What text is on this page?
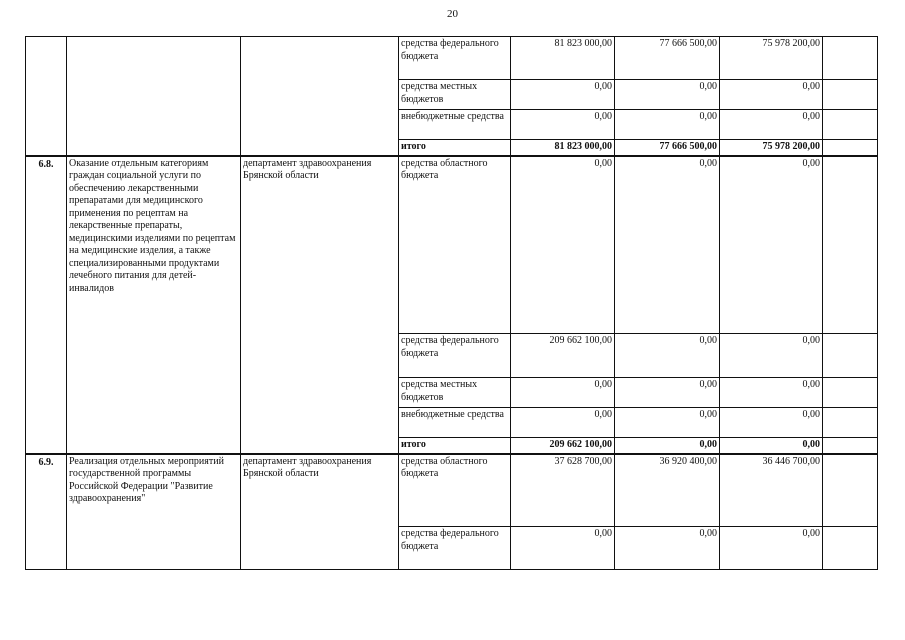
20
			средства федерального бюджета	81 823 000,00	77 666 500,00	75 978 200,00	
			средства местных бюджетов	0,00	0,00	0,00	
			внебюджетные средства	0,00	0,00	0,00	
			итого	81 823 000,00	77 666 500,00	75 978 200,00	
6.8.	Оказание отдельным категориям граждан социальной услуги по обеспечению лекарственными препаратами для медицинского применения по рецептам на лекарственные препараты, медицинскими изделиями по рецептам на медицинские изделия, а также специализированными продуктами лечебного питания для детей-инвалидов	департамент здравоохранения Брянской области	средства областного бюджета	0,00	0,00	0,00	
			средства федерального бюджета	209 662 100,00	0,00	0,00	
			средства местных бюджетов	0,00	0,00	0,00	
			внебюджетные средства	0,00	0,00	0,00	
			итого	209 662 100,00	0,00	0,00	
6.9.	Реализация отдельных мероприятий государственной программы Российской Федерации "Развитие здравоохранения"	департамент здравоохранения Брянской области	средства областного бюджета	37 628 700,00	36 920 400,00	36 446 700,00	
			средства федерального бюджета	0,00	0,00	0,00	
